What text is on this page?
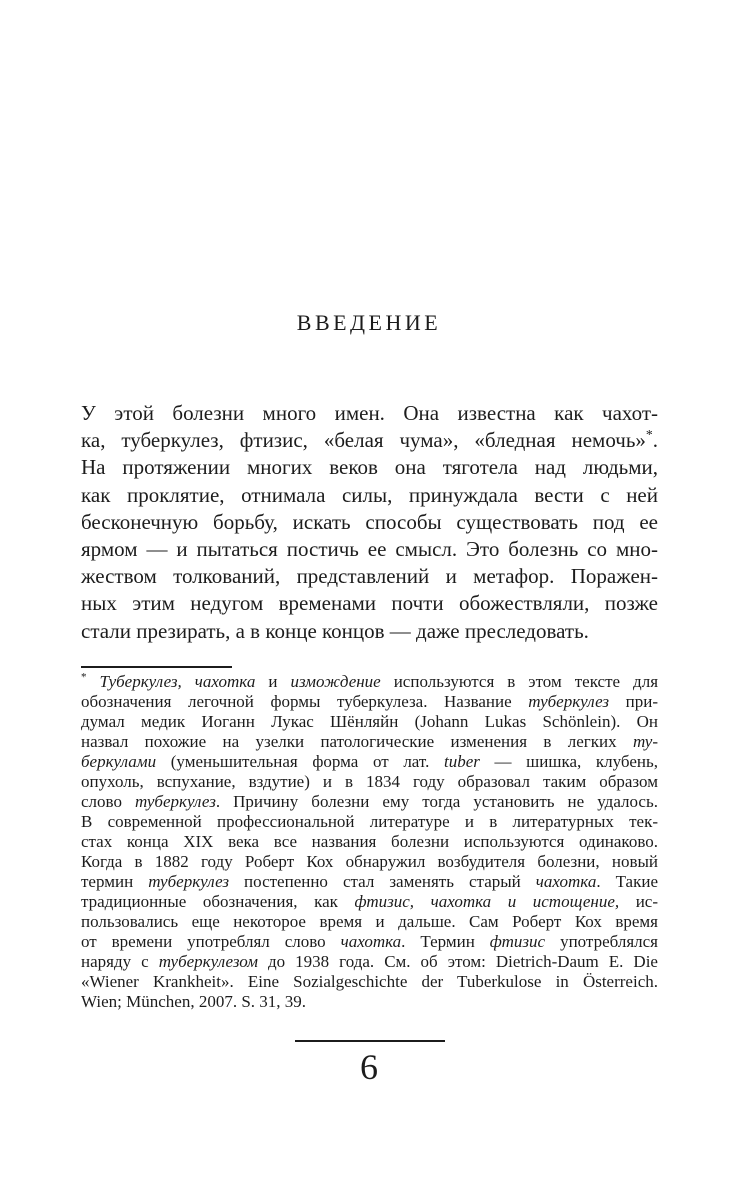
ВВЕДЕНИЕ
У этой болезни много имен. Она известна как чахот-
ка, туберкулез, фтизис, «белая чума», «бледная немочь»*.
На протяжении многих веков она тяготела над людьми,
как проклятие, отнимала силы, принуждала вести с ней
бесконечную борьбу, искать способы существовать под ее
ярмом — и пытаться постичь ее смысл. Это болезнь со мно-
жеством толкований, представлений и метафор. Поражен-
ных этим недугом временами почти обожествляли, позже
стали презирать, а в конце концов — даже преследовать.
* Туберкулез, чахотка и измождение используются в этом тексте для
обозначения легочной формы туберкулеза. Название туберкулез при-
думал медик Иоганн Лукас Шёнляйн (Johann Lukas Schönlein). Он
назвал похожие на узелки патологические изменения в легких ту-
беркулами (уменьшительная форма от лат. tuber — шишка, клубень,
опухоль, вспухание, вздутие) и в 1834 году образовал таким образом
слово туберкулез. Причину болезни ему тогда установить не удалось.
В современной профессиональной литературе и в литературных тек-
стах конца XIX века все названия болезни используются одинаково.
Когда в 1882 году Роберт Кох обнаружил возбудителя болезни, новый
термин туберкулез постепенно стал заменять старый чахотка. Такие
традиционные обозначения, как фтизис, чахотка и истощение, ис-
пользовались еще некоторое время и дальше. Сам Роберт Кох время
от времени употреблял слово чахотка. Термин фтизис употреблялся
наряду с туберкулезом до 1938 года. См. об этом: Dietrich-Daum E. Die
«Wiener Krankheit». Eine Sozialgeschichte der Tuberkulose in Österreich.
Wien; München, 2007. S. 31, 39.
6
